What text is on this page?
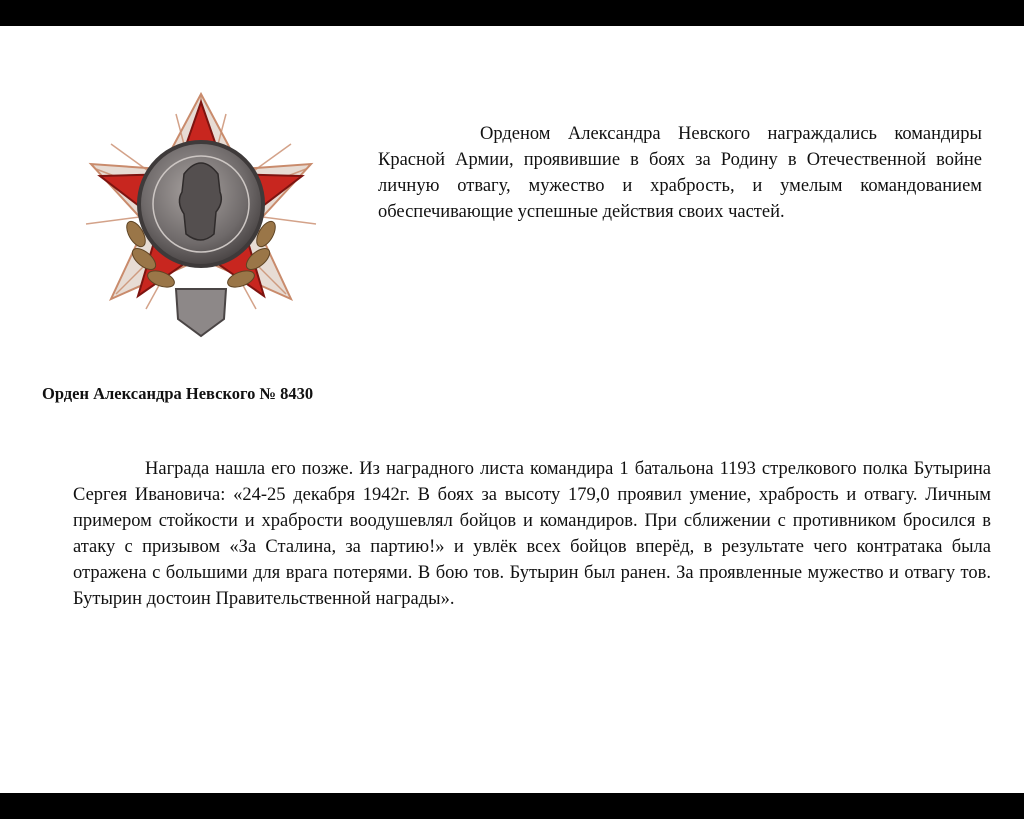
Орденом Александра Невского награждались командиры Красной Армии, проявившие в боях за Родину в Отечественной войне личную отвагу, мужество и храбрость, и умелым командованием обеспечивающие успешные действия своих частей.

Орден Александра Невского № 8430

Награда нашла его позже. Из наградного листа командира 1 батальона 1193 стрелкового полка Бутырина Сергея Ивановича: «24-25 декабря 1942г. В боях за высоту 179,0 проявил умение, храбрость и отвагу. Личным примером стойкости и храбрости воодушевлял бойцов и командиров. При сближении с противником бросился в атаку с призывом «За Сталина, за партию!» и увлёк всех бойцов вперёд, в результате чего контратака была отражена с большими для врага потерями. В бою тов. Бутырин был ранен. За проявленные мужество и отвагу тов. Бутырин достоин Правительственной награды».
